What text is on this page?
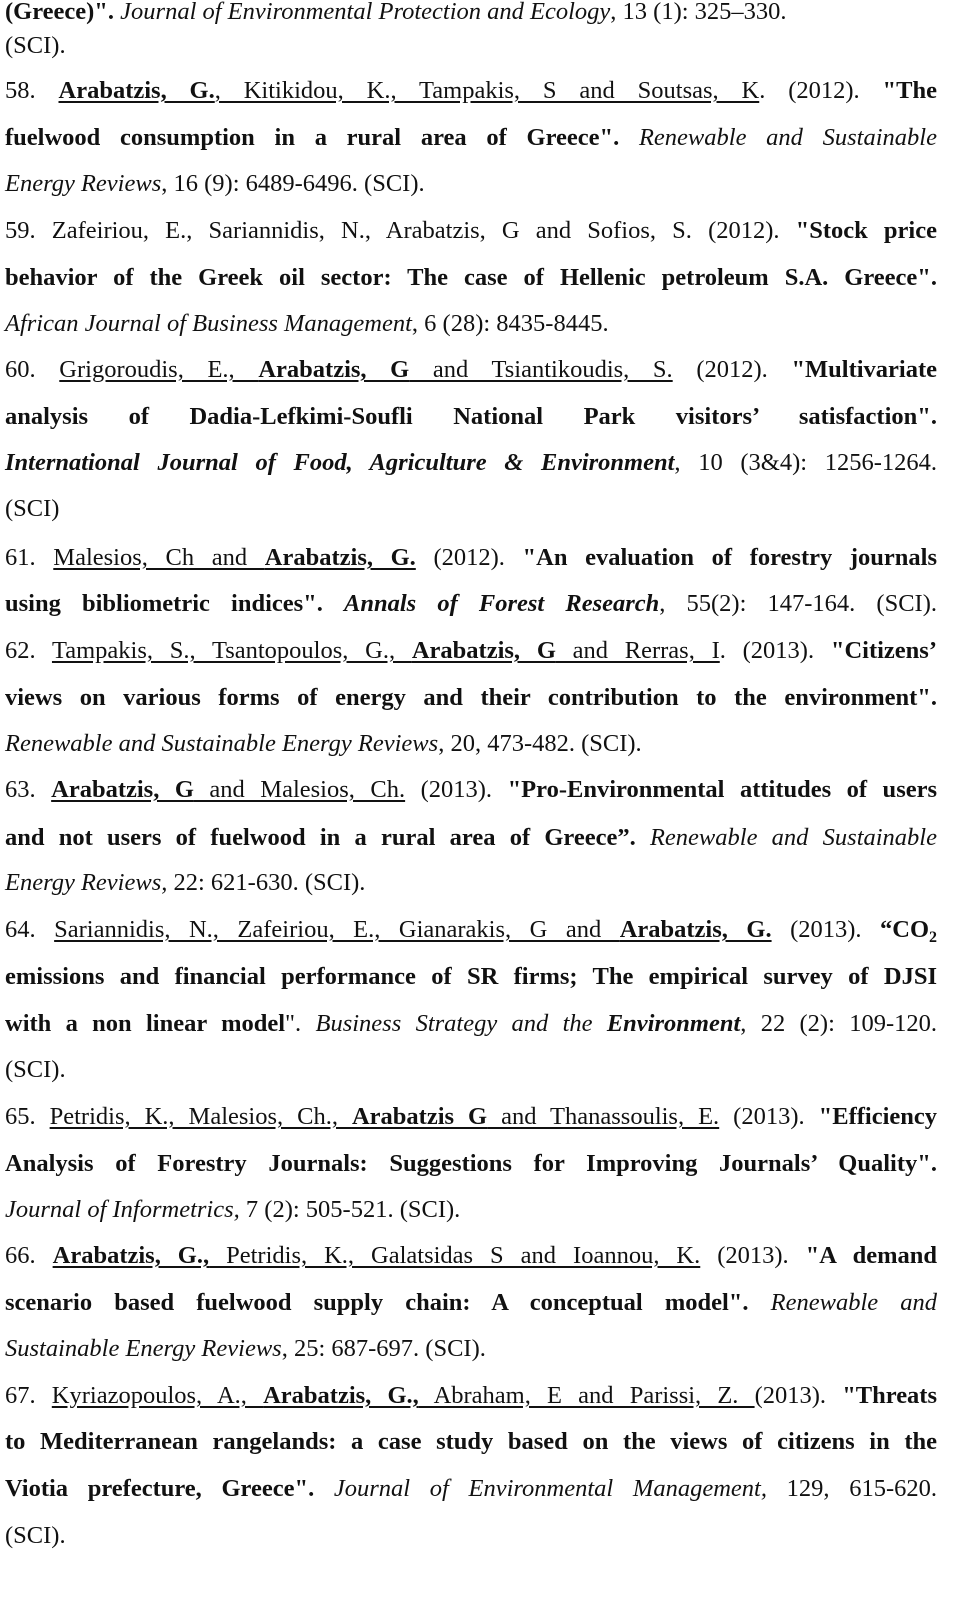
(Greece)". Journal of Environmental Protection and Ecology, 13 (1): 325–330.
(SCI).
58. Arabatzis, G., Kitikidou, K., Tampakis, S and Soutsas, K. (2012). "The
fuelwood consumption in a rural area of Greece". Renewable and Sustainable
Energy Reviews, 16 (9): 6489-6496. (SCI).
59. Zafeiriou, E., Sariannidis, N., Arabatzis, G and Sofios, S. (2012). "Stock price
behavior of the Greek oil sector: The case of Hellenic petroleum S.A. Greece".
African Journal of Business Management, 6 (28): 8435-8445.
60. Grigoroudis, E., Arabatzis, G and Tsiantikoudis, S. (2012). "Multivariate
analysis of Dadia-Lefkimi-Soufli National Park visitors’ satisfaction".
International Journal of Food, Agriculture & Environment, 10 (3&4): 1256-1264.
(SCI)
61. Malesios, Ch and Arabatzis, G. (2012). "An evaluation of forestry journals
using bibliometric indices". Annals of Forest Research, 55(2): 147-164. (SCI).
62. Tampakis, S., Tsantopoulos, G., Arabatzis, G and Rerras, I. (2013). "Citizens’
views on various forms of energy and their contribution to the environment".
Renewable and Sustainable Energy Reviews, 20, 473-482. (SCI).
63. Arabatzis, G and Malesios, Ch. (2013). "Pro-Environmental attitudes of users
and not users of fuelwood in a rural area of Greece”. Renewable and Sustainable
Energy Reviews, 22: 621-630. (SCI).
64. Sariannidis, N., Zafeiriou, E., Gianarakis, G and Arabatzis, G. (2013). “$CO_2$
emissions and financial performance of SR firms; The empirical survey of DJSI
with a non linear model". Business Strategy and the Environment, 22 (2): 109-120.
(SCI).
65. Petridis, K., Malesios, Ch., Arabatzis G and Thanassoulis, E. (2013). "Efficiency
Analysis of Forestry Journals: Suggestions for Improving Journals’ Quality".
Journal of Informetrics, 7 (2): 505-521. (SCI).
66. Arabatzis, G., Petridis, K., Galatsidas S and Ioannou, K. (2013). "A demand
scenario based fuelwood supply chain: A conceptual model". Renewable and
Sustainable Energy Reviews, 25: 687-697. (SCI).
67. Kyriazopoulos, A., Arabatzis, G., Abraham, E and Parissi, Z. (2013). "Threats
to Mediterranean rangelands: a case study based on the views of citizens in the
Viotia prefecture, Greece". Journal of Environmental Management, 129, 615-620.
(SCI).
